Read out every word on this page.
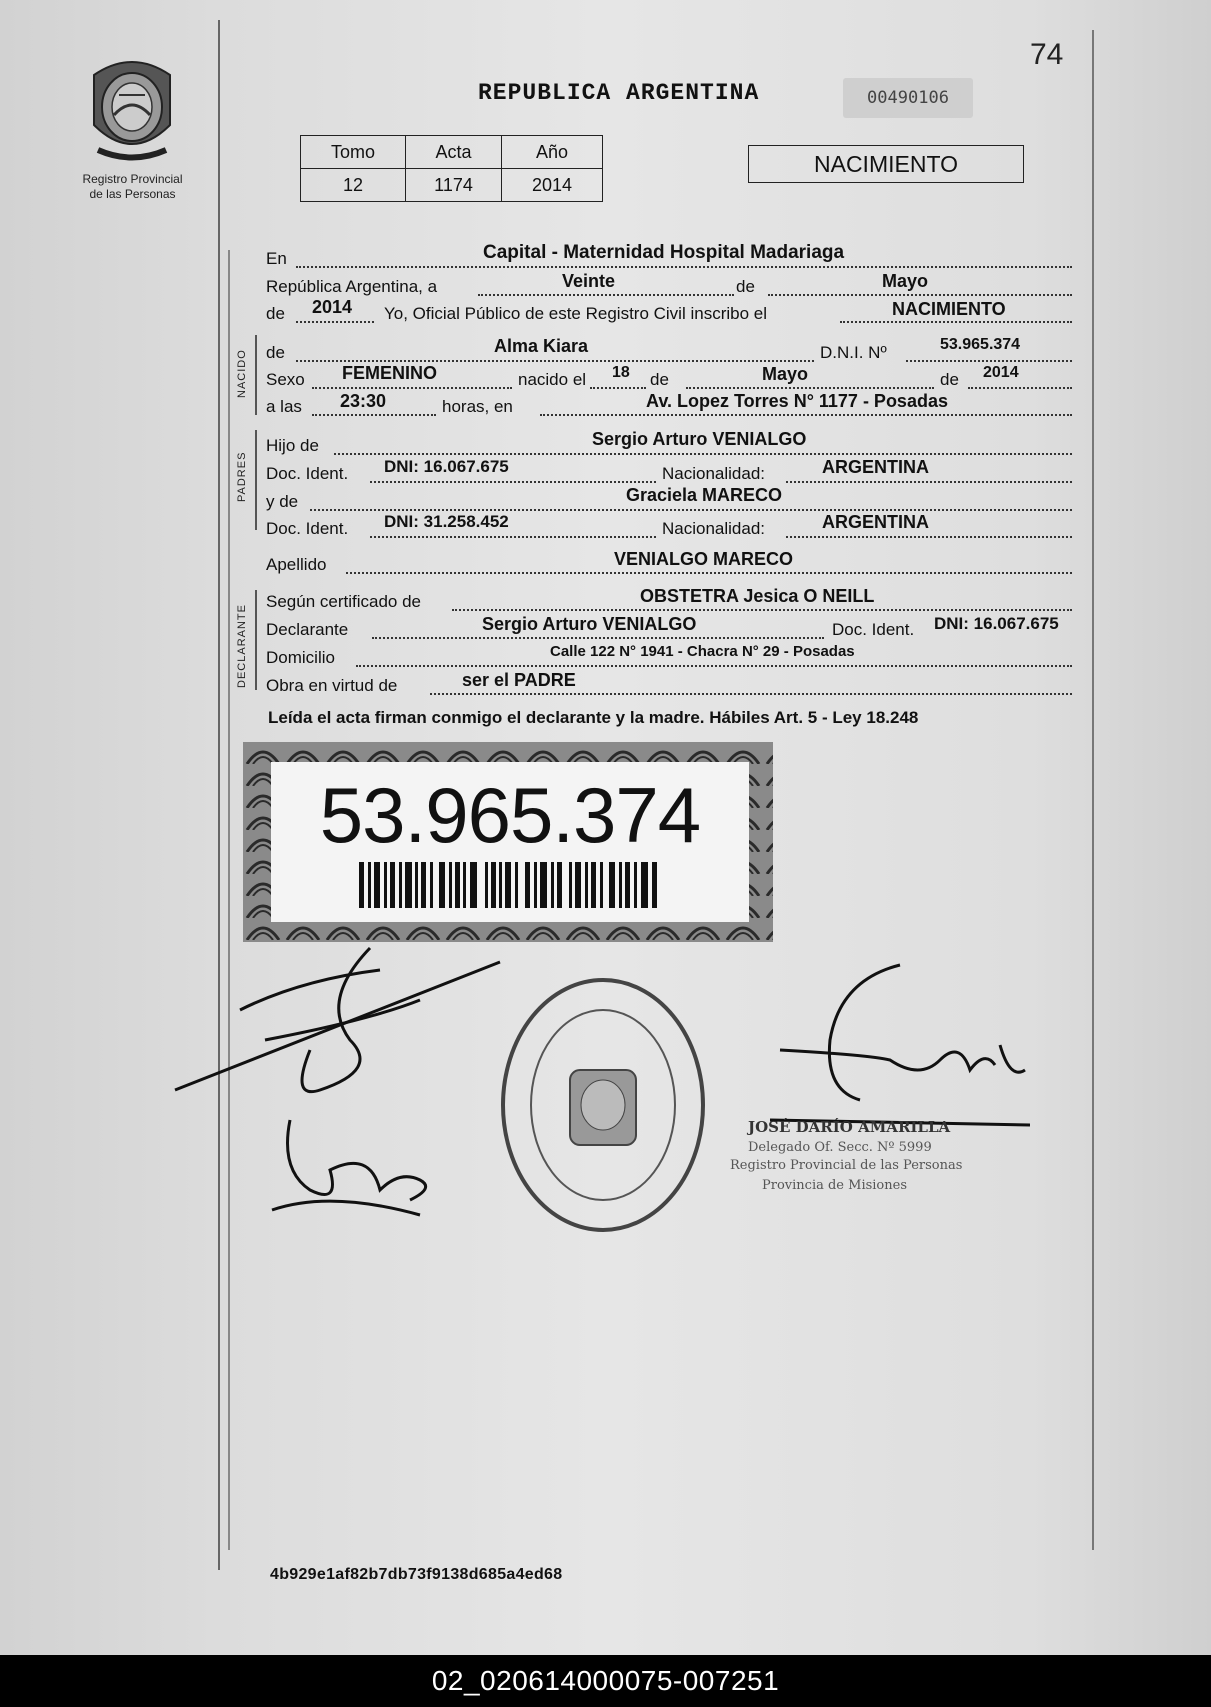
Registro Provincial
de las Personas
74
REPUBLICA ARGENTINA	00490106
Tomo	Acta	Año
12	1174	2014
NACIMIENTO
NACIDO
PADRES
DECLARANTE
En	Capital - Maternidad Hospital Madariaga
República Argentina, a	Veinte	de	Mayo
de 2014 Yo, Oficial Público de este Registro Civil inscribo el	NACIMIENTO
de	Alma Kiara	D.N.I. Nº	53.965.374
Sexo FEMENINO	nacido el 18 de	Mayo	de 2014
a las 23:30	horas, en	Av. Lopez Torres N° 1177 - Posadas
Hijo de	Sergio Arturo VENIALGO
Doc. Ident. DNI: 16.067.675	Nacionalidad:	ARGENTINA
y de	Graciela MARECO
Doc. Ident. DNI: 31.258.452	Nacionalidad:	ARGENTINA
Apellido	VENIALGO MARECO
Según certificado de	OBSTETRA Jesica O NEILL
Declarante	Sergio Arturo VENIALGO	Doc. Ident. DNI: 16.067.675
Domicilio	Calle 122 N° 1941 - Chacra N° 29 - Posadas
Obra en virtud de	ser el PADRE
Leída el acta firman conmigo el declarante y la madre. Hábiles Art. 5 - Ley 18.248
53.965.374
JOSÉ DARÍO AMARILLA
Delegado Of. Secc. Nº 5999
Registro Provincial de las Personas
Provincia de Misiones
4b929e1af82b7db73f9138d685a4ed68
02_020614000075-007251
